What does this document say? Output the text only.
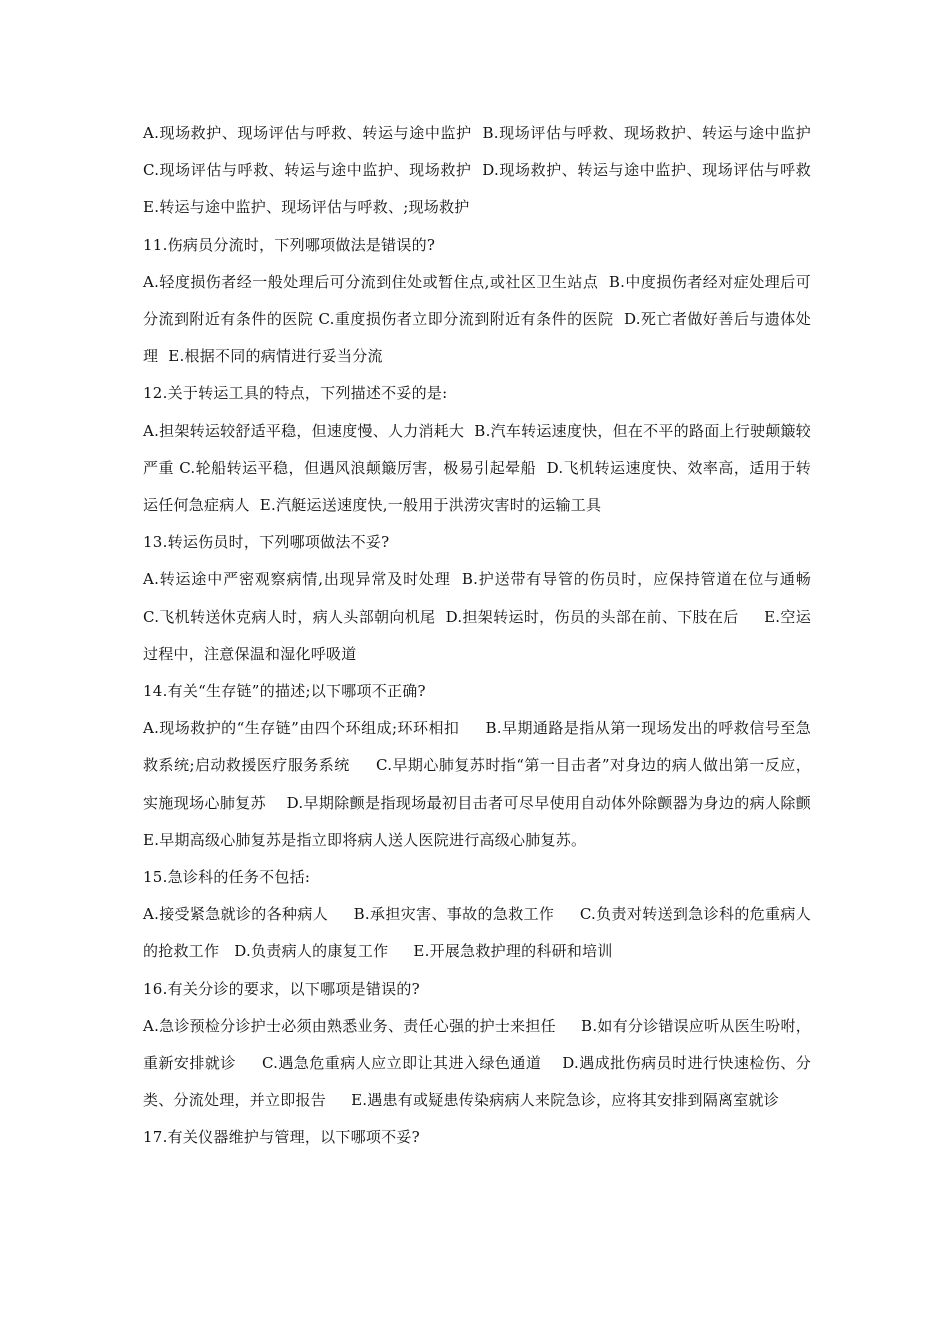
A.现场救护、现场评估与呼救、转运与途中监护  B.现场评估与呼救、现场救护、转运与途中监护  C.现场评估与呼救、转运与途中监护、现场救护  D.现场救护、转运与途中监护、现场评估与呼救  E.转运与途中监护、现场评估与呼救、;现场救护

11.伤病员分流时，下列哪项做法是错误的?

A.轻度损伤者经一般处理后可分流到住处或暂住点,或社区卫生站点  B.中度损伤者经对症处理后可分流到附近有条件的医院 C.重度损伤者立即分流到附近有条件的医院  D.死亡者做好善后与遗体处理  E.根据不同的病情进行妥当分流

12.关于转运工具的特点，下列描述不妥的是:

A.担架转运较舒适平稳，但速度慢、人力消耗大  B.汽车转运速度快，但在不平的路面上行驶颠簸较严重 C.轮船转运平稳，但遇风浪颠簸厉害，极易引起晕船  D.飞机转运速度快、效率高，适用于转运任何急症病人  E.汽艇运送速度快,一般用于洪涝灾害时的运输工具

13.转运伤员时，下列哪项做法不妥?

A.转运途中严密观察病情,出现异常及时处理  B.护送带有导管的伤员时，应保持管道在位与通畅  C.飞机转送休克病人时，病人头部朝向机尾  D.担架转运时，伤员的头部在前、下肢在后     E.空运过程中，注意保温和湿化呼吸道

14.有关“生存链”的描述;以下哪项不正确?

A.现场救护的“生存链”由四个环组成;环环相扣     B.早期通路是指从第一现场发出的呼救信号至急救系统;启动救援医疗服务系统     C.早期心肺复苏时指“第一目击者”对身边的病人做出第一反应，实施现场心肺复苏    D.早期除颤是指现场最初目击者可尽早使用自动体外除颤器为身边的病人除颤  E.早期高级心肺复苏是指立即将病人送人医院进行高级心肺复苏。

15.急诊科的任务不包括:

A.接受紧急就诊的各种病人     B.承担灾害、事故的急救工作     C.负责对转送到急诊科的危重病人的抢救工作   D.负责病人的康复工作     E.开展急救护理的科研和培训

16.有关分诊的要求，以下哪项是错误的?

A.急诊预检分诊护士必须由熟悉业务、责任心强的护士来担任     B.如有分诊错误应听从医生吩咐，重新安排就诊     C.遇急危重病人应立即让其进入绿色通道    D.遇成批伤病员时进行快速检伤、分类、分流处理，并立即报告     E.遇患有或疑患传染病病人来院急诊，应将其安排到隔离室就诊

17.有关仪器维护与管理，以下哪项不妥?
